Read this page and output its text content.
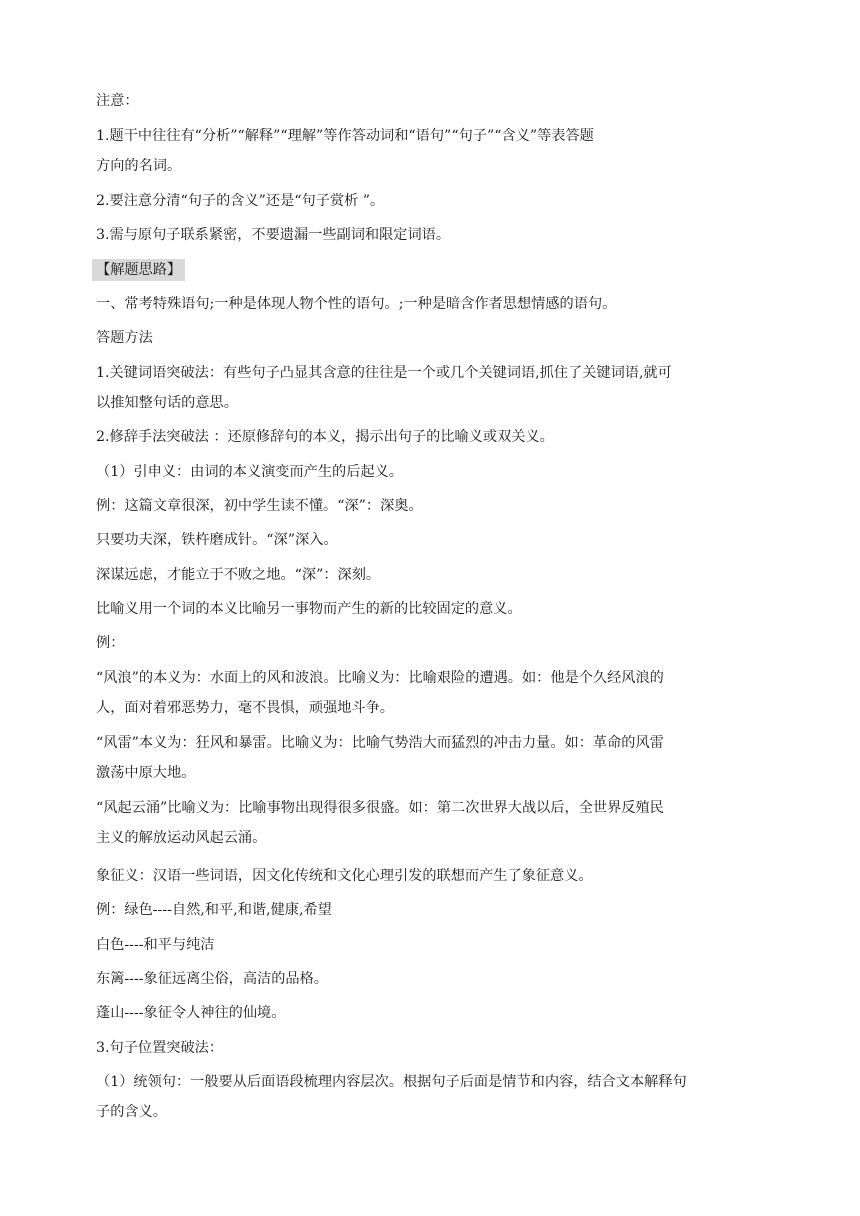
注意：
1.题干中往往有“分析”“解释”“理解”等作答动词和“语句”“句子”“含义”等表答题
方向的名词。
2.要注意分清“句子的含义”还是“句子赏析 ”。
3.需与原句子联系紧密，不要遗漏一些副词和限定词语。
【解题思路】
一、常考特殊语句;一种是体现人物个性的语句。;一种是暗含作者思想情感的语句。
答题方法
1.关键词语突破法：有些句子凸显其含意的往往是一个或几个关键词语,抓住了关键词语,就可
以推知整句话的意思。
2.修辞手法突破法 ：还原修辞句的本义，揭示出句子的比喻义或双关义。
（1）引申义：由词的本义演变而产生的后起义。
例：这篇文章很深，初中学生读不懂。“深”：深奥。
只要功夫深，铁杵磨成针。“深”深入。
深谋远虑，才能立于不败之地。“深”：深刻。
比喻义用一个词的本义比喻另一事物而产生的新的比较固定的意义。
例：
“风浪”的本义为：水面上的风和波浪。比喻义为：比喻艰险的遭遇。如：他是个久经风浪的
人，面对着邪恶势力，毫不畏惧，顽强地斗争。
“风雷”本义为：狂风和暴雷。比喻义为：比喻气势浩大而猛烈的冲击力量。如：革命的风雷
激荡中原大地。
“风起云涌”比喻义为：比喻事物出现得很多很盛。如：第二次世界大战以后，全世界反殖民
主义的解放运动风起云涌。
象征义：汉语一些词语，因文化传统和文化心理引发的联想而产生了象征意义。
例：绿色----自然,和平,和谐,健康,希望
白色----和平与纯洁
东篱----象征远离尘俗，高洁的品格。
蓬山----象征令人神往的仙境。
3.句子位置突破法：
（1）统领句：一般要从后面语段梳理内容层次。根据句子后面是情节和内容，结合文本解释句
子的含义。
